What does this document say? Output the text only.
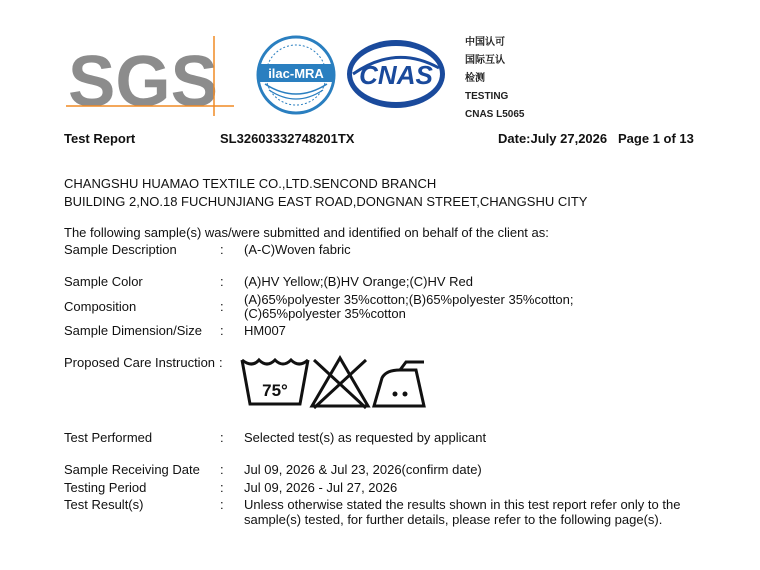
SGS	ilac-MRA CNAS
中国认可
国际互认
检测
TESTING
CNAS L5065
Test Report	SL32603332748201TX	Date:July 27,2026 Page 1 of 13
CHANGSHU HUAMAO TEXTILE CO.,LTD.SENCOND BRANCH
BUILDING 2,NO.18 FUCHUNJIANG EAST ROAD,DONGNAN STREET,CHANGSHU CITY
The following sample(s) was/were submitted and identified on behalf of the client as:
Sample Description	: (A-C)Woven fabric
Sample Color	: (A)HV Yellow;(B)HV Orange;(C)HV Red
Composition	: (A)65%polyester 35%cotton;(B)65%polyester 35%cotton;
(C)65%polyester 35%cotton
Sample Dimension/Size : HM007
Proposed Care Instruction :
75°
Test Performed	: Selected test(s) as requested by applicant
Sample Receiving Date : Jul 09, 2026 & Jul 23, 2026(confirm date)
Testing Period	: Jul 09, 2026 - Jul 27, 2026
Test Result(s)	: Unless otherwise stated the results shown in this test report refer only to the
sample(s) tested, for further details, please refer to the following page(s).
